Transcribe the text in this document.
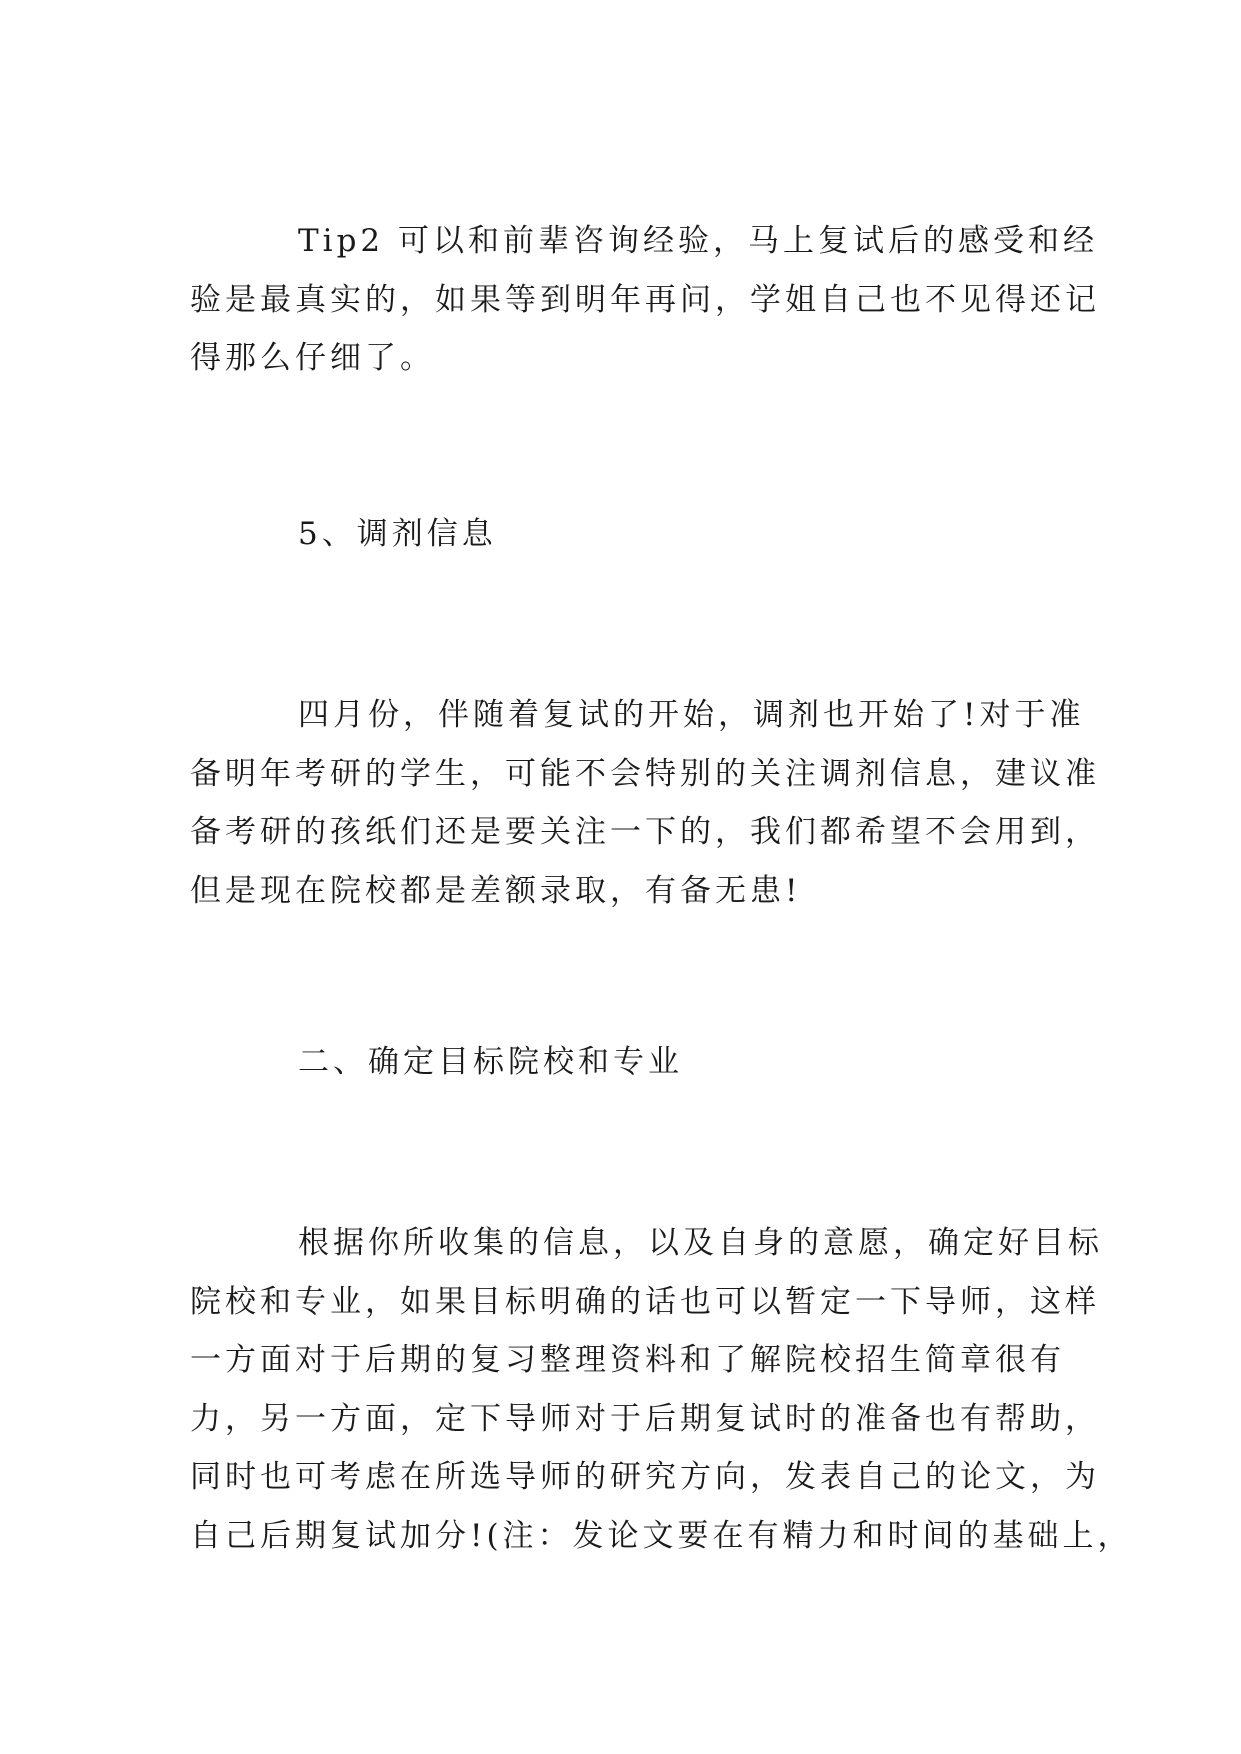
Tip2 可以和前辈咨询经验，马上复试后的感受和经
验是最真实的，如果等到明年再问，学姐自己也不见得还记
得那么仔细了。

5、调剂信息

四月份，伴随着复试的开始，调剂也开始了!对于准
备明年考研的学生，可能不会特别的关注调剂信息，建议准
备考研的孩纸们还是要关注一下的，我们都希望不会用到，
但是现在院校都是差额录取，有备无患!

二、确定目标院校和专业

根据你所收集的信息，以及自身的意愿，确定好目标
院校和专业，如果目标明确的话也可以暂定一下导师，这样
一方面对于后期的复习整理资料和了解院校招生简章很有
力，另一方面，定下导师对于后期复试时的准备也有帮助，
同时也可考虑在所选导师的研究方向，发表自己的论文，为
自己后期复试加分!(注：发论文要在有精力和时间的基础上，
